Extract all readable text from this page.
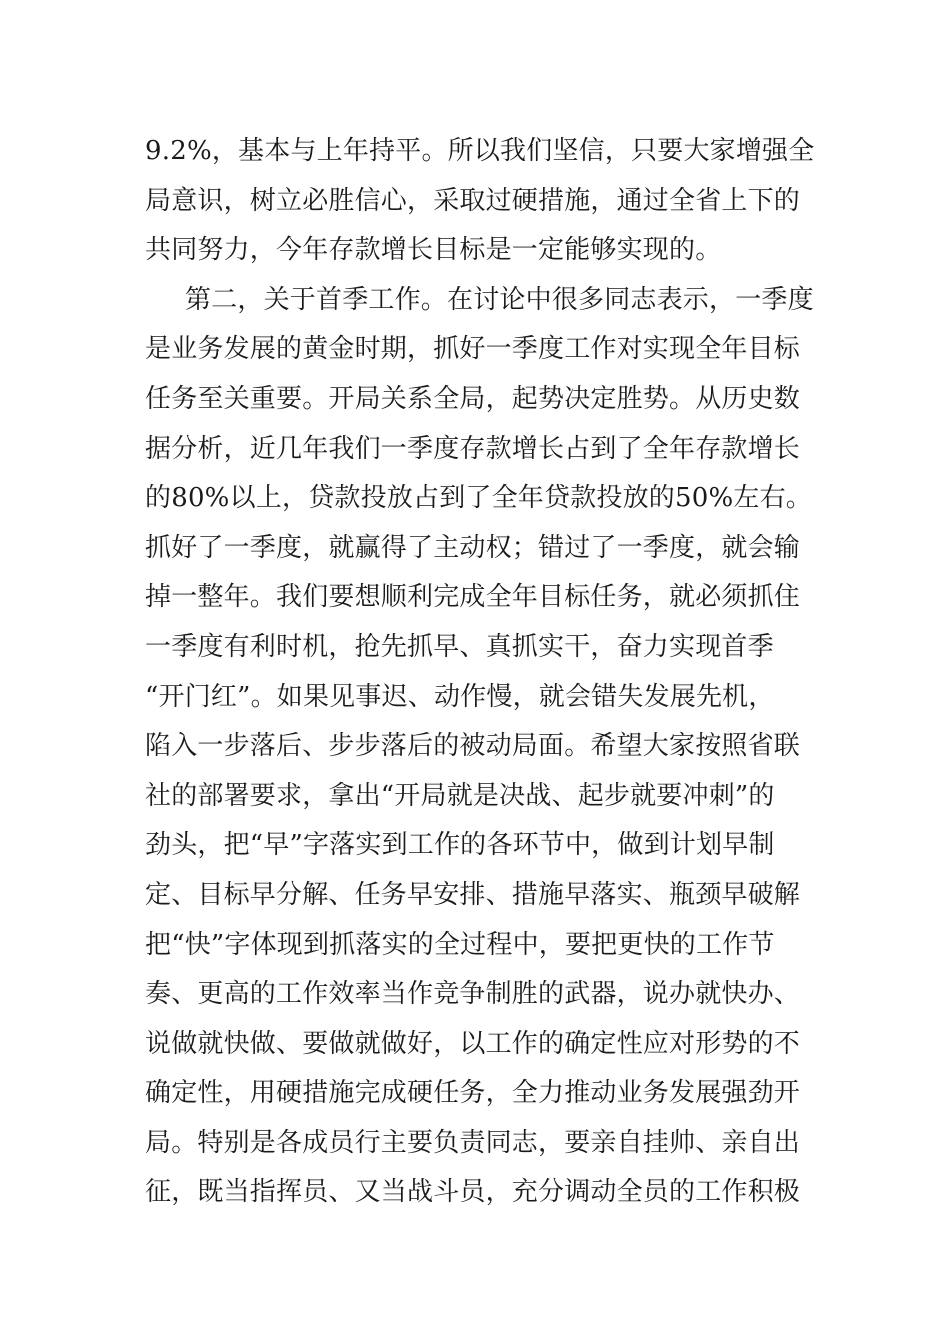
9.2%，基本与上年持平。所以我们坚信，只要大家增强全
局意识，树立必胜信心，采取过硬措施，通过全省上下的
共同努力，今年存款增长目标是一定能够实现的。
第二，关于首季工作。在讨论中很多同志表示，一季度
是业务发展的黄金时期，抓好一季度工作对实现全年目标
任务至关重要。开局关系全局，起势决定胜势。从历史数
据分析，近几年我们一季度存款增长占到了全年存款增长
的80%以上，贷款投放占到了全年贷款投放的50%左右。
抓好了一季度，就赢得了主动权；错过了一季度，就会输
掉一整年。我们要想顺利完成全年目标任务，就必须抓住
一季度有利时机，抢先抓早、真抓实干，奋力实现首季
“开门红”。如果见事迟、动作慢，就会错失发展先机，
陷入一步落后、步步落后的被动局面。希望大家按照省联
社的部署要求，拿出“开局就是决战、起步就要冲刺”的
劲头，把“早”字落实到工作的各环节中，做到计划早制
定、目标早分解、任务早安排、措施早落实、瓶颈早破解
把“快”字体现到抓落实的全过程中，要把更快的工作节
奏、更高的工作效率当作竞争制胜的武器，说办就快办、
说做就快做、要做就做好，以工作的确定性应对形势的不
确定性，用硬措施完成硬任务，全力推动业务发展强劲开
局。特别是各成员行主要负责同志，要亲自挂帅、亲自出
征，既当指挥员、又当战斗员，充分调动全员的工作积极
